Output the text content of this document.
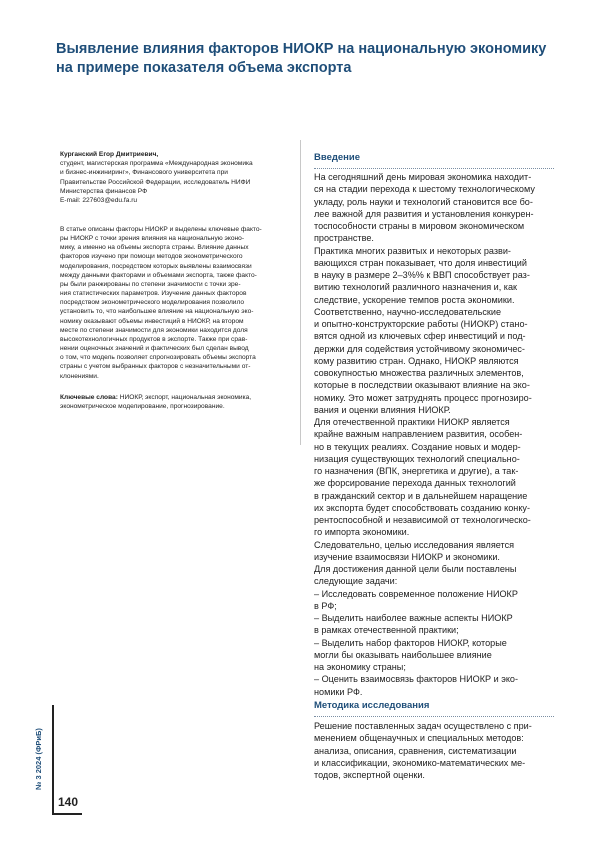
Выявление влияния факторов НИОКР на национальную экономику
на примере показателя объема экспорта
Курганский Егор Дмитриевич,
студент, магистерская программа «Международная экономика
и бизнес-инжиниринг», Финансового университета при
Правительстве Российской Федерации, исследователь НИФИ
Министерства финансов РФ
E-mail: 227603@edu.fa.ru
В статье описаны факторы НИОКР и выделены ключевые факто-
ры НИОКР с точки зрения влияния на национальную эконо-
мику, а именно на объемы экспорта страны. Влияние данных
факторов изучено при помощи методов эконометрического
моделирования, посредством которых выявлены взаимосвязи
между данными факторами и объемами экспорта, также факто-
ры были ранжированы по степени значимости с точки зре-
ния статистических параметров. Изучение данных факторов
посредством эконометрического моделирования позволило
установить то, что наибольшее влияние на национальную эко-
номику оказывают объемы инвестиций в НИОКР, на втором
месте по степени значимости для экономики находится доля
высокотехнологичных продуктов в экспорте. Также при срав-
нении оценочных значений и фактических был сделан вывод
о том, что модель позволяет спрогнозировать объемы экспорта
страны с учетом выбранных факторов с незначительными от-
клонениями.
Ключевые слова: НИОКР, экспорт, национальная экономика,
эконометрическое моделирование, прогнозирование.
Введение
На сегодняшний день мировая экономика находит-
ся на стадии перехода к шестому технологическому
укладу, роль науки и технологий становится все бо-
лее важной для развития и установления конкурен-
тоспособности страны в мировом экономическом
пространстве.
Практика многих развитых и некоторых разви-
вающихся стран показывает, что доля инвестиций
в науку в размере 2–3%% к ВВП способствует раз-
витию технологий различного назначения и, как
следствие, ускорение темпов роста экономики.
Соответственно, научно-исследовательские
и опытно-конструкторские работы (НИОКР) стано-
вятся одной из ключевых сфер инвестиций и под-
держки для содействия устойчивому экономичес-
кому развитию стран. Однако, НИОКР являются
совокупностью множества различных элементов,
которые в последствии оказывают влияние на эко-
номику. Это может затруднять процесс прогнозиро-
вания и оценки влияния НИОКР.
Для отечественной практики НИОКР является
крайне важным направлением развития, особен-
но в текущих реалиях. Создание новых и модер-
низация существующих технологий специально-
го назначения (ВПК, энергетика и другие), а так-
же форсирование перехода данных технологий
в гражданский сектор и в дальнейшем наращение
их экспорта будет способствовать созданию конку-
рентоспособной и независимой от технологическо-
го импорта экономики.
Следовательно, целью исследования является
изучение взаимосвязи НИОКР и экономики.
Для достижения данной цели были поставлены
следующие задачи:
– Исследовать современное положение НИОКР
в РФ;
– Выделить наиболее важные аспекты НИОКР
в рамках отечественной практики;
– Выделить набор факторов НИОКР, которые
могли бы оказывать наибольшее влияние
на экономику страны;
– Оценить взаимосвязь факторов НИОКР и эко-
номики РФ.
Методика исследования
Решение поставленных задач осуществлено с при-
менением общенаучных и специальных методов:
анализа, описания, сравнения, систематизации
и классификации, экономико-математических ме-
тодов, экспертной оценки.
№ 3 2024 (ФРиБ)
140
